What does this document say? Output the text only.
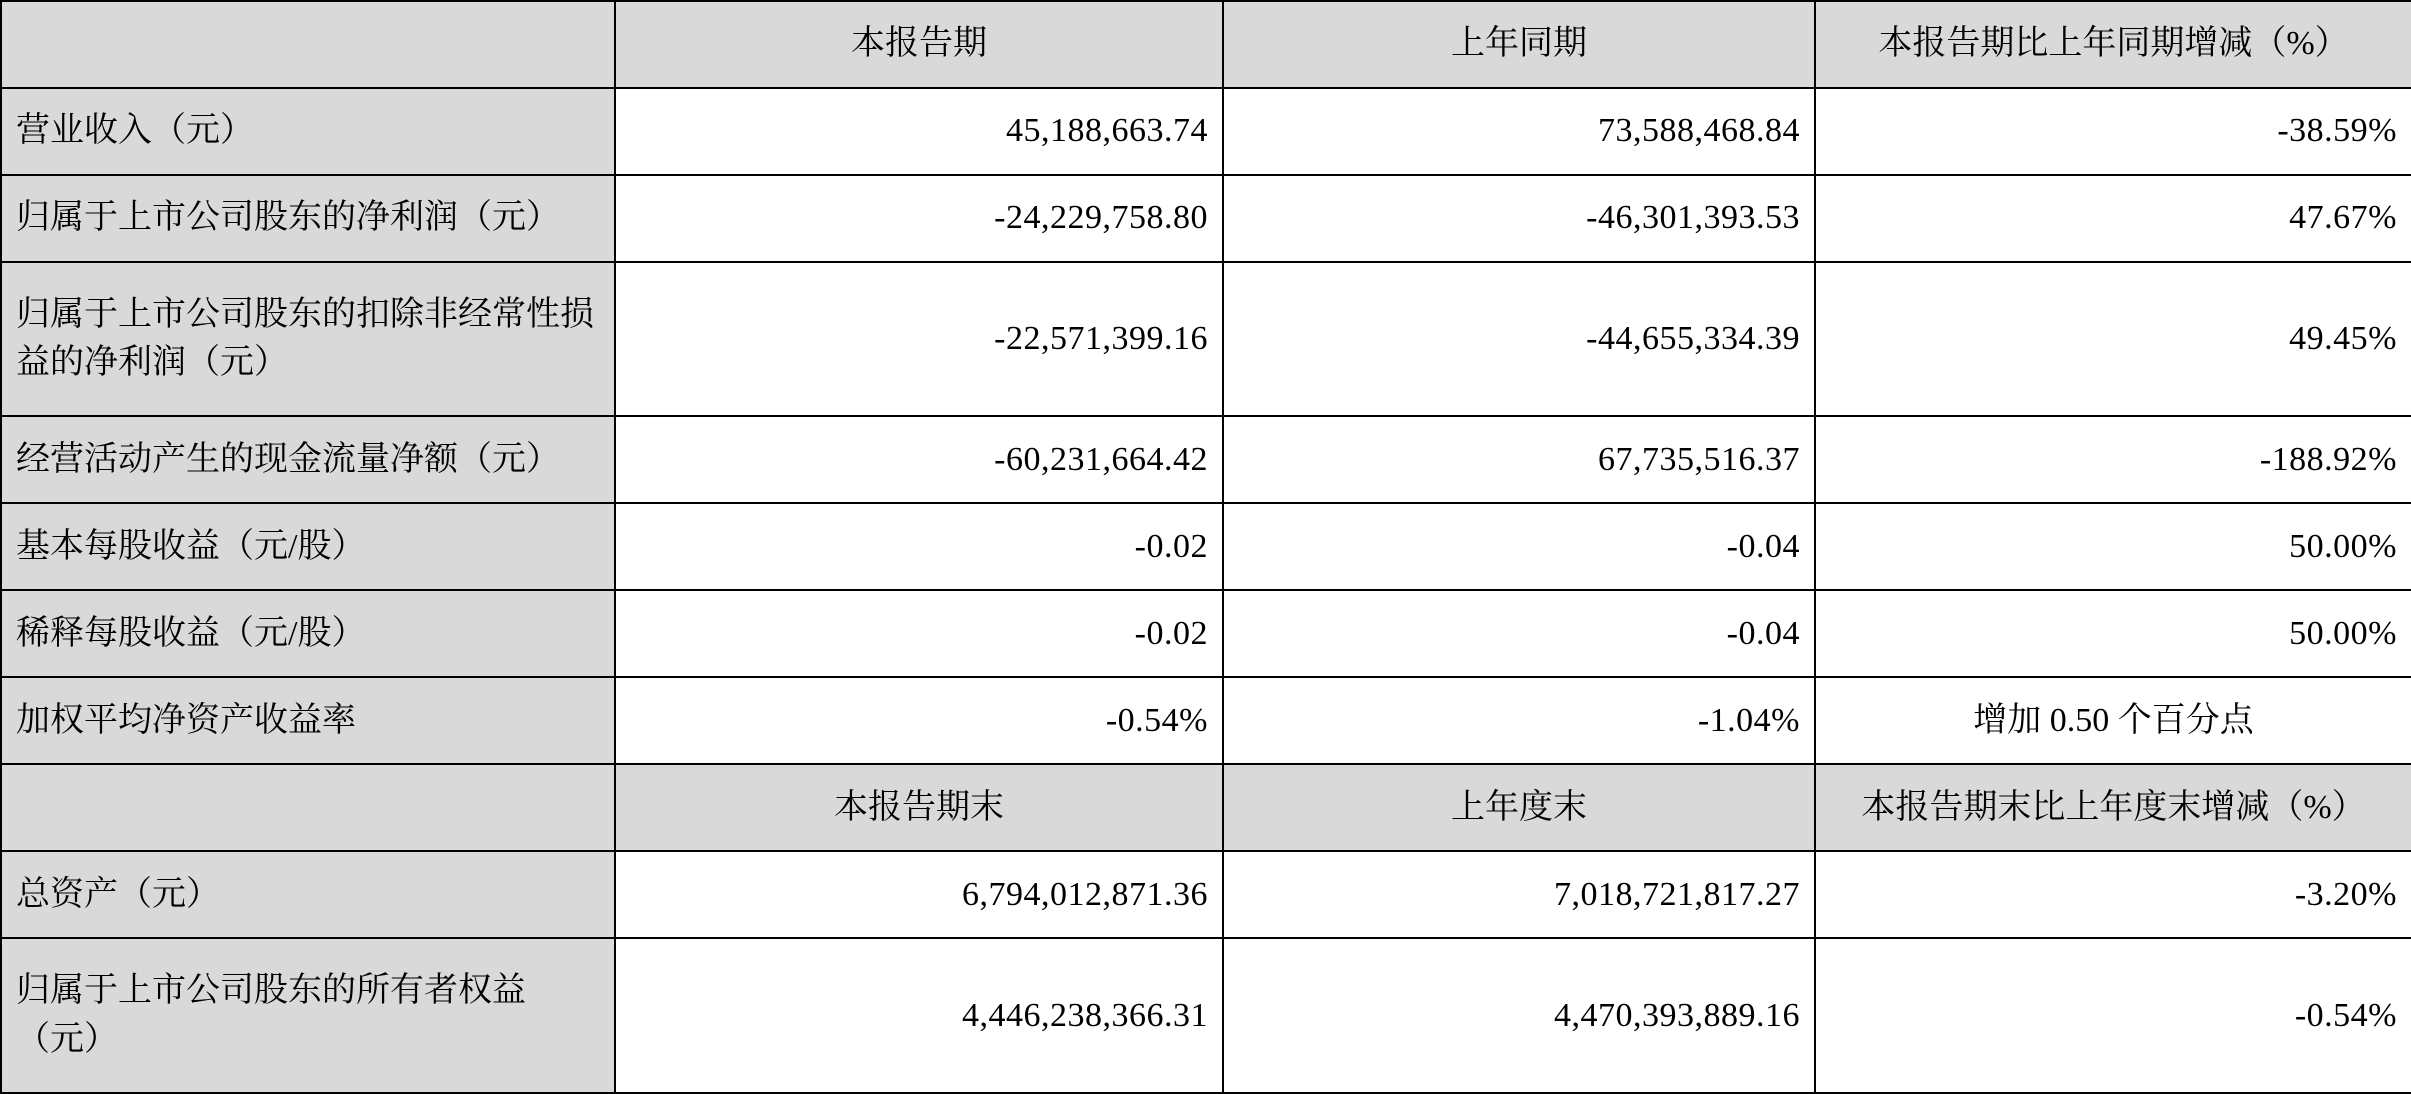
	本报告期	上年同期	本报告期比上年同期增减（%）
营业收入（元）	45,188,663.74	73,588,468.84	-38.59%
归属于上市公司股东的净利润（元）	-24,229,758.80	-46,301,393.53	47.67%
归属于上市公司股东的扣除非经常性损益的净利润（元）	-22,571,399.16	-44,655,334.39	49.45%
经营活动产生的现金流量净额（元）	-60,231,664.42	67,735,516.37	-188.92%
基本每股收益（元/股）	-0.02	-0.04	50.00%
稀释每股收益（元/股）	-0.02	-0.04	50.00%
加权平均净资产收益率	-0.54%	-1.04%	增加 0.50 个百分点
	本报告期末	上年度末	本报告期末比上年度末增减（%）
总资产（元）	6,794,012,871.36	7,018,721,817.27	-3.20%
归属于上市公司股东的所有者权益（元）	4,446,238,366.31	4,470,393,889.16	-0.54%
